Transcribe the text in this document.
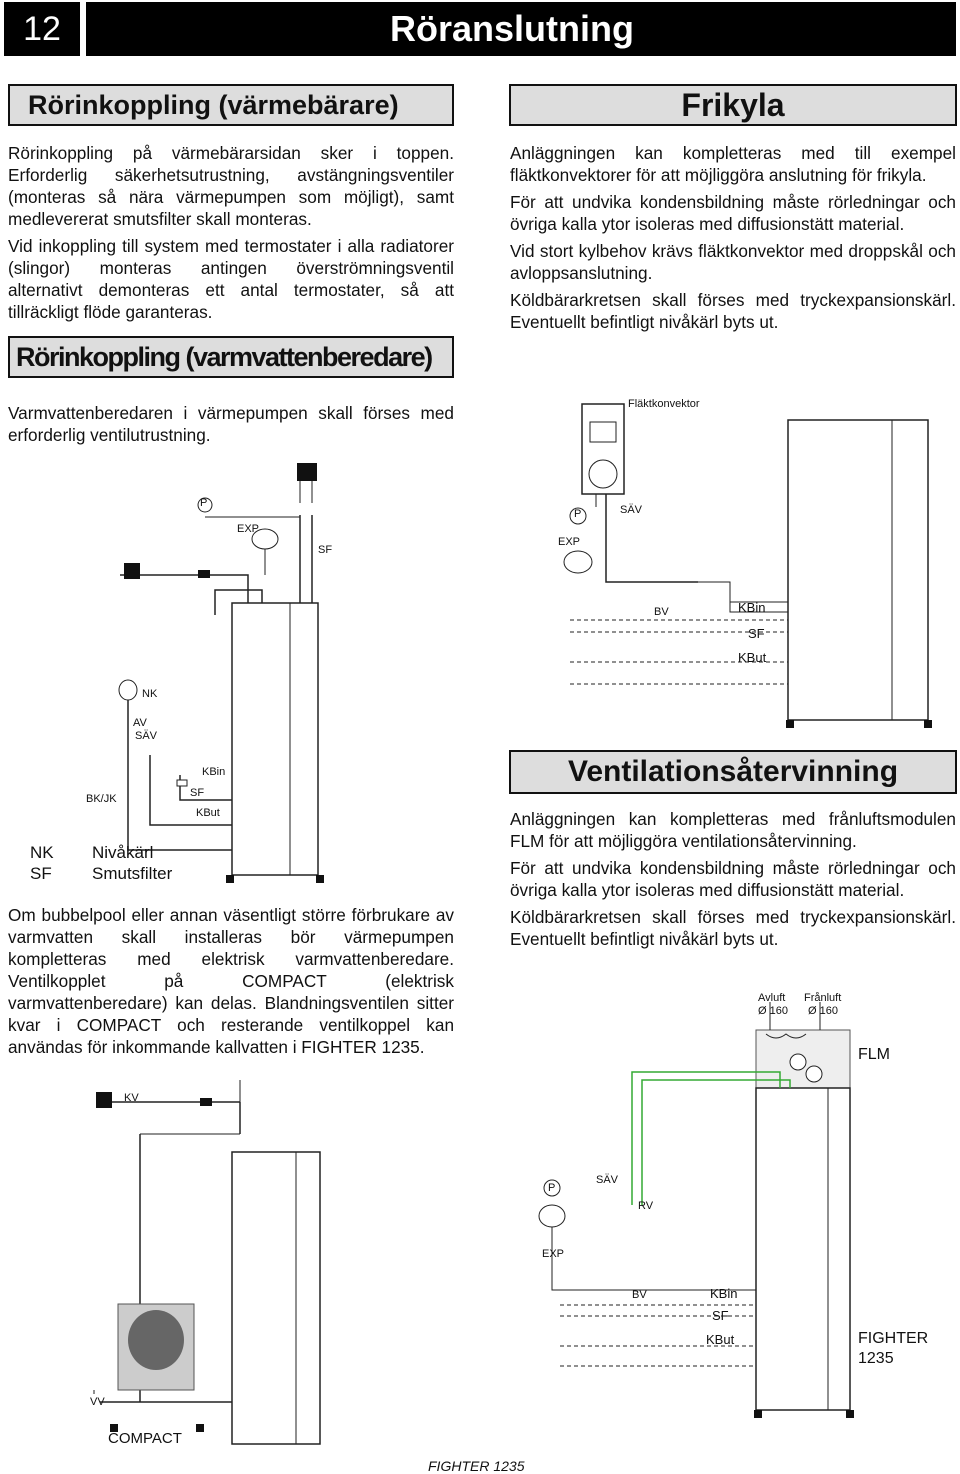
12	Röranslutning
Rörinkoppling (värmebärare)

Rörinkoppling på värmebärarsidan sker i toppen. Erforderlig säkerhetsutrustning, avstängningsventiler (monteras så nära värmepumpen som möjligt), samt medlevererat smutsfilter skall monteras.

Vid inkoppling till system med termostater i alla radiatorer (slingor) monteras antingen överströmningsventil alternativt demonteras ett antal termostater, så att tillräckligt flöde garanteras.

Rörinkoppling (varmvattenberedare)
Varmvattenberedaren i värmepumpen skall förses med erforderlig ventilutrustning.
Frikyla

Anläggningen kan kompletteras med till exempel fläktkonvektorer för att möjliggöra anslutning för frikyla.

För att undvika kondensbildning måste rörledningar och övriga kalla ytor isoleras med diffusionstätt material.

Vid stort kylbehov krävs fläktkonvektor med droppskål och avloppsanslutning.

Köldbärarkretsen skall förses med tryckexpansionskärl. Eventuellt befintligt nivåkärl byts ut.

P
EXP
SF
NK
AV
SÄV
KBin
SF
KBut
BK/JK
NK Nivåkärl
SF Smutsfilter
Om bubbelpool eller annan väsentligt större förbrukare av varmvatten skall installeras bör värmepumpen kompletteras med elektrisk varmvattenberedare. Ventilkopplet på COMPACT (elektrisk varmvattenberedare) kan delas. Blandningsventilen sitter kvar i COMPACT och resterande ventilkoppel kan användas för inkommande kallvatten i FIGHTER 1235.
KV
VV
COMPACT
Fläktkonvektor
P	SÄV
EXP
BV	KBin
SF
KBut
Ventilationsåtervinning

Anläggningen kan kompletteras med frånluftsmodulen FLM för att möjliggöra ventilationsåtervinning.

För att undvika kondensbildning måste rörledningar och övriga kalla ytor isoleras med diffusionstätt material.

Köldbärarkretsen skall förses med tryckexpansionskärl. Eventuellt befintligt nivåkärl byts ut.

Avluft
Ø 160
Frånluft
Ø 160
FLM
P
SÄV
RV
EXP
BV	KBin
SF
KBut	FIGHTER
1235
FIGHTER 1235
